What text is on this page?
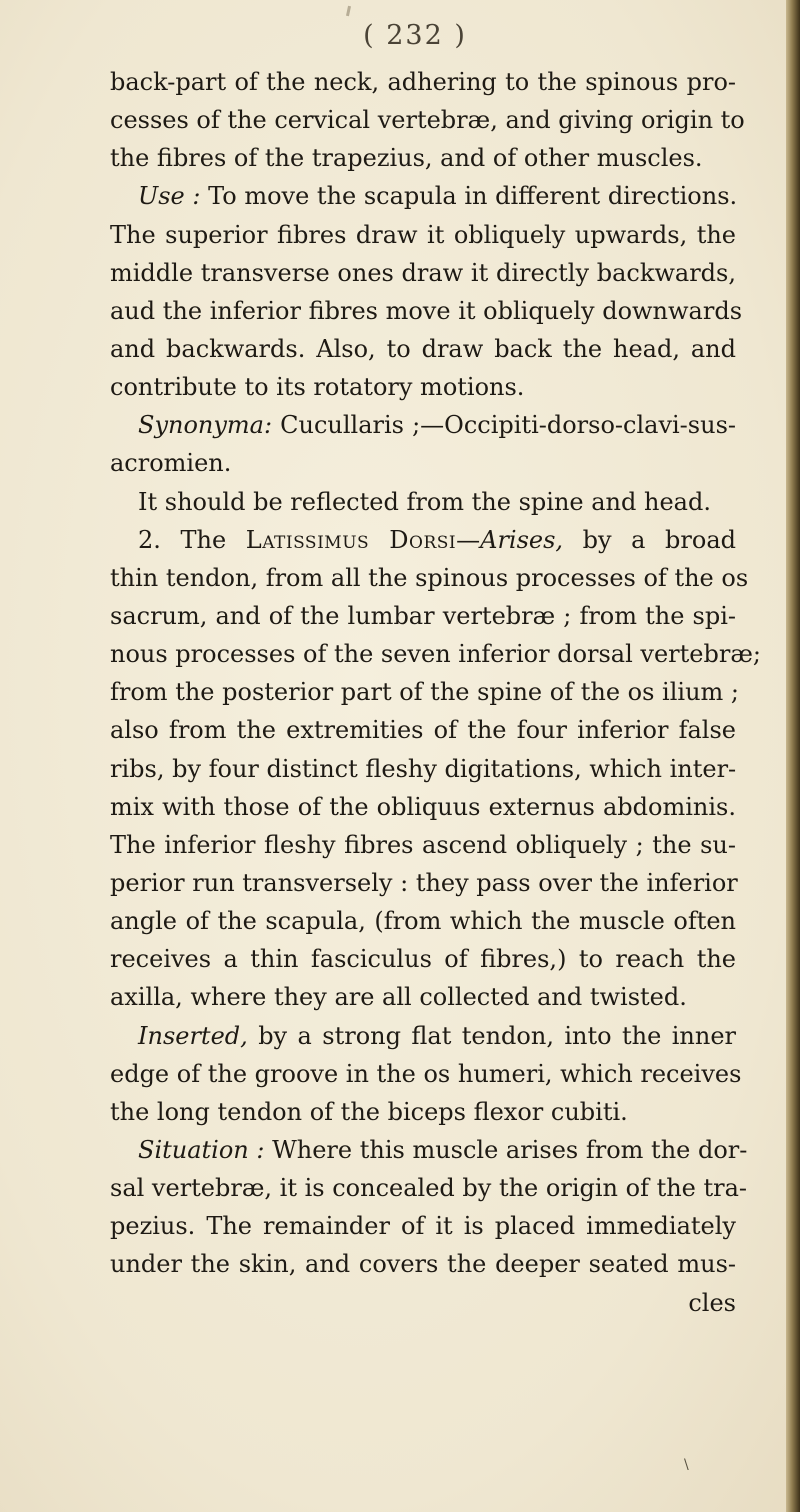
( 232 )
back-part of the neck, adhering to the spinous pro-
cesses of the cervical vertebræ, and giving origin to
the fibres of the trapezius, and of other muscles.
Use : To move the scapula in different directions.
The superior fibres draw it obliquely upwards, the
middle transverse ones draw it directly backwards,
aud the inferior fibres move it obliquely downwards
and backwards. Also, to draw back the head, and
contribute to its rotatory motions.
Synonyma: Cucullaris ;—Occipiti-dorso-clavi-sus-
acromien.
It should be reflected from the spine and head.
2. The Latissimus Dorsi—Arises, by a broad
thin tendon, from all the spinous processes of the os
sacrum, and of the lumbar vertebræ ; from the spi-
nous processes of the seven inferior dorsal vertebræ;
from the posterior part of the spine of the os ilium ;
also from the extremities of the four inferior false
ribs, by four distinct fleshy digitations, which inter-
mix with those of the obliquus externus abdominis.
The inferior fleshy fibres ascend obliquely ; the su-
perior run transversely : they pass over the inferior
angle of the scapula, (from which the muscle often
receives a thin fasciculus of fibres,) to reach the
axilla, where they are all collected and twisted.
Inserted, by a strong flat tendon, into the inner
edge of the groove in the os humeri, which receives
the long tendon of the biceps flexor cubiti.
Situation : Where this muscle arises from the dor-
sal vertebræ, it is concealed by the origin of the tra-
pezius. The remainder of it is placed immediately
under the skin, and covers the deeper seated mus-
cles
\
